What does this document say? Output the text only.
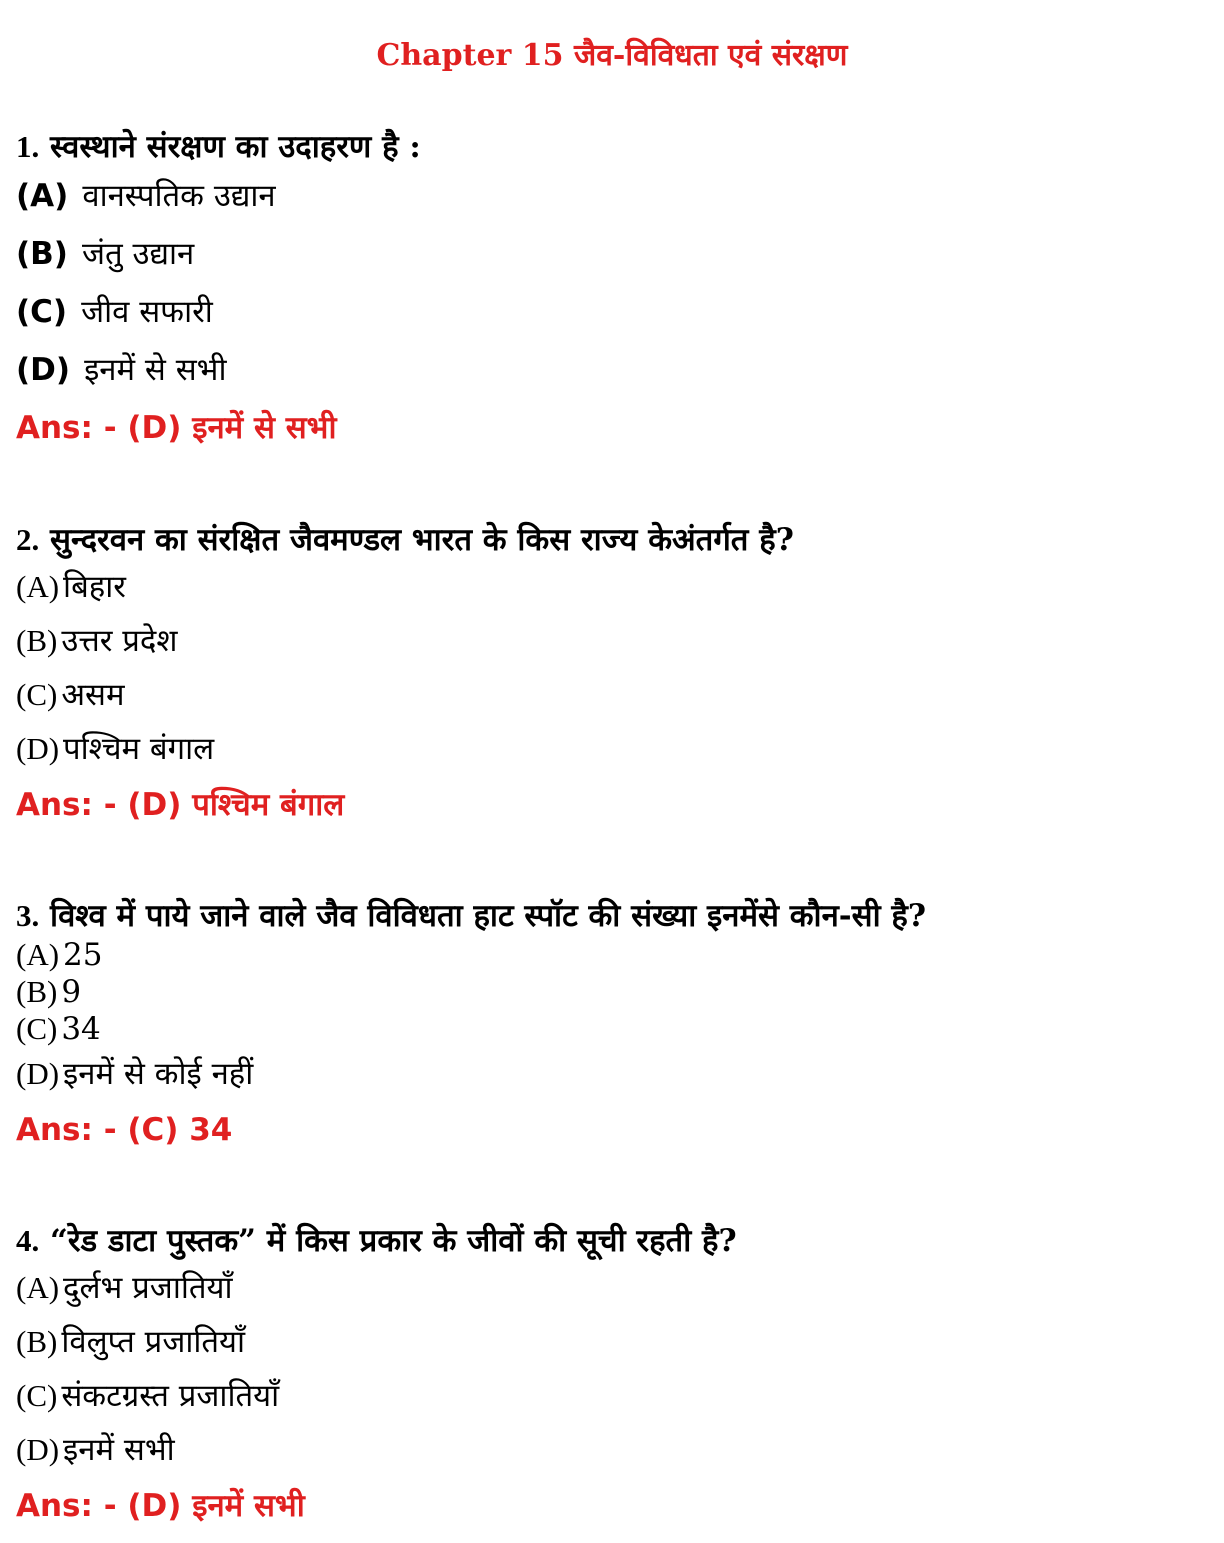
Chapter 15 जैव-विविधता एवं संरक्षण

1. स्वस्थाने संरक्षण का उदाहरण है :

(A) वानस्पतिक उद्यान

(B) जंतु उद्यान

(C) जीव सफारी

(D) इनमें से सभी

Ans: - (D) इनमें से सभी

2. सुन्दरवन का संरक्षित जैवमण्डल भारत के किस राज्य केअंतर्गत है?

(A) बिहार

(B) उत्तर प्रदेश

(C) असम

(D) पश्चिम बंगाल

Ans: - (D) पश्चिम बंगाल

3. विश्व में पाये जाने वाले जैव विविधता हाट स्पॉट की संख्या इनमेंसे कौन-सी है?

(A) 25

(B) 9

(C) 34

(D) इनमें से कोई नहीं

Ans: - (C) 34

4. “रेड डाटा पुस्तक” में किस प्रकार के जीवों की सूची रहती है?

(A) दुर्लभ प्रजातियाँ

(B) विलुप्त प्रजातियाँ

(C) संकटग्रस्त प्रजातियाँ

(D) इनमें सभी

Ans: - (D) इनमें सभी
